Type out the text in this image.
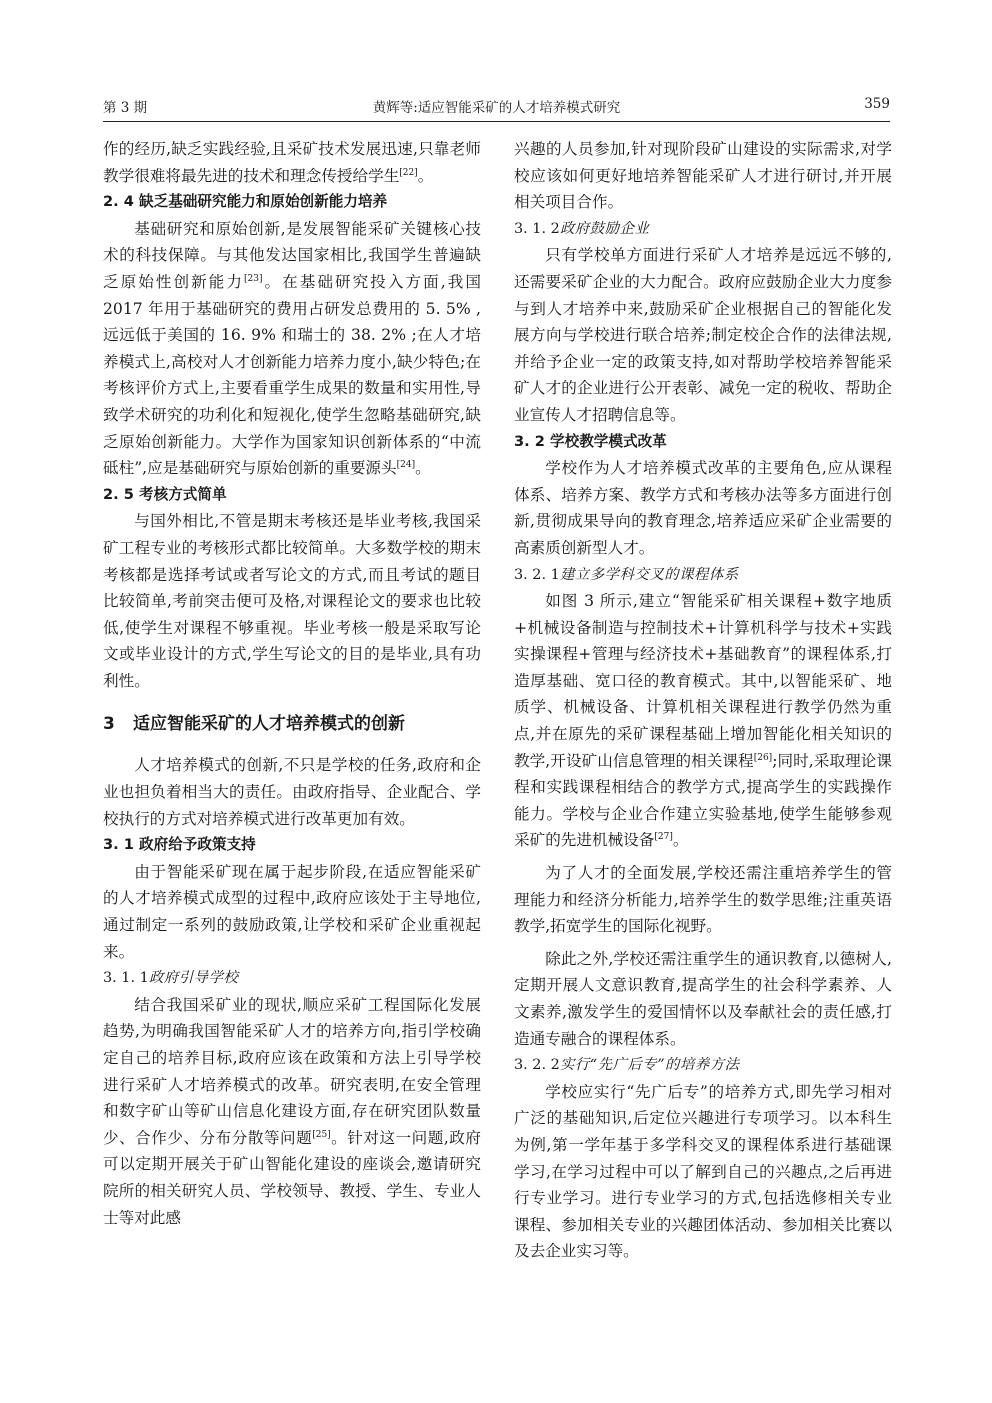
第 3 期	黄辉等:适应智能采矿的人才培养模式研究	359

作的经历,缺乏实践经验,且采矿技术发展迅速,只靠老师教学很难将最先进的技术和理念传授给学生[22]。

2. 4 缺乏基础研究能力和原始创新能力培养

基础研究和原始创新,是发展智能采矿关键核心技术的科技保障。与其他发达国家相比,我国学生普遍缺乏原始性创新能力[23]。在基础研究投入方面,我国 2017 年用于基础研究的费用占研发总费用的 5. 5% ,远远低于美国的 16. 9% 和瑞士的 38. 2% ;在人才培养模式上,高校对人才创新能力培养力度小,缺少特色;在考核评价方式上,主要看重学生成果的数量和实用性,导致学术研究的功利化和短视化,使学生忽略基础研究,缺乏原始创新能力。大学作为国家知识创新体系的“中流砥柱”,应是基础研究与原始创新的重要源头[24]。

2. 5 考核方式简单

与国外相比,不管是期末考核还是毕业考核,我国采矿工程专业的考核形式都比较简单。大多数学校的期末考核都是选择考试或者写论文的方式,而且考试的题目比较简单,考前突击便可及格,对课程论文的要求也比较低,使学生对课程不够重视。毕业考核一般是采取写论文或毕业设计的方式,学生写论文的目的是毕业,具有功利性。

3 适应智能采矿的人才培养模式的创新

人才培养模式的创新,不只是学校的任务,政府和企业也担负着相当大的责任。由政府指导、企业配合、学校执行的方式对培养模式进行改革更加有效。

3. 1 政府给予政策支持

由于智能采矿现在属于起步阶段,在适应智能采矿的人才培养模式成型的过程中,政府应该处于主导地位,通过制定一系列的鼓励政策,让学校和采矿企业重视起来。

3. 1. 1政府引导学校

结合我国采矿业的现状,顺应采矿工程国际化发展趋势,为明确我国智能采矿人才的培养方向,指引学校确定自己的培养目标,政府应该在政策和方法上引导学校进行采矿人才培养模式的改革。研究表明,在安全管理和数字矿山等矿山信息化建设方面,存在研究团队数量少、合作少、分布分散等问题[25]。针对这一问题,政府可以定期开展关于矿山智能化建设的座谈会,邀请研究院所的相关研究人员、学校领导、教授、学生、专业人士等对此感

兴趣的人员参加,针对现阶段矿山建设的实际需求,对学校应该如何更好地培养智能采矿人才进行研讨,并开展相关项目合作。

3. 1. 2政府鼓励企业

只有学校单方面进行采矿人才培养是远远不够的,还需要采矿企业的大力配合。政府应鼓励企业大力度参与到人才培养中来,鼓励采矿企业根据自己的智能化发展方向与学校进行联合培养;制定校企合作的法律法规,并给予企业一定的政策支持,如对帮助学校培养智能采矿人才的企业进行公开表彰、减免一定的税收、帮助企业宣传人才招聘信息等。

3. 2 学校教学模式改革

学校作为人才培养模式改革的主要角色,应从课程体系、培养方案、教学方式和考核办法等多方面进行创新,贯彻成果导向的教育理念,培养适应采矿企业需要的高素质创新型人才。

3. 2. 1建立多学科交叉的课程体系

如图 3 所示,建立“智能采矿相关课程+数字地质+机械设备制造与控制技术+计算机科学与技术+实践实操课程+管理与经济技术+基础教育”的课程体系,打造厚基础、宽口径的教育模式。其中,以智能采矿、地质学、机械设备、计算机相关课程进行教学仍然为重点,并在原先的采矿课程基础上增加智能化相关知识的教学,开设矿山信息管理的相关课程[26];同时,采取理论课程和实践课程相结合的教学方式,提高学生的实践操作能力。学校与企业合作建立实验基地,使学生能够参观采矿的先进机械设备[27]。

为了人才的全面发展,学校还需注重培养学生的管理能力和经济分析能力,培养学生的数学思维;注重英语教学,拓宽学生的国际化视野。

除此之外,学校还需注重学生的通识教育,以德树人,定期开展人文意识教育,提高学生的社会科学素养、人文素养,激发学生的爱国情怀以及奉献社会的责任感,打造通专融合的课程体系。

3. 2. 2实行“先广后专”的培养方法

学校应实行“先广后专”的培养方式,即先学习相对广泛的基础知识,后定位兴趣进行专项学习。以本科生为例,第一学年基于多学科交叉的课程体系进行基础课学习,在学习过程中可以了解到自己的兴趣点,之后再进行专业学习。进行专业学习的方式,包括选修相关专业课程、参加相关专业的兴趣团体活动、参加相关比赛以及去企业实习等。
